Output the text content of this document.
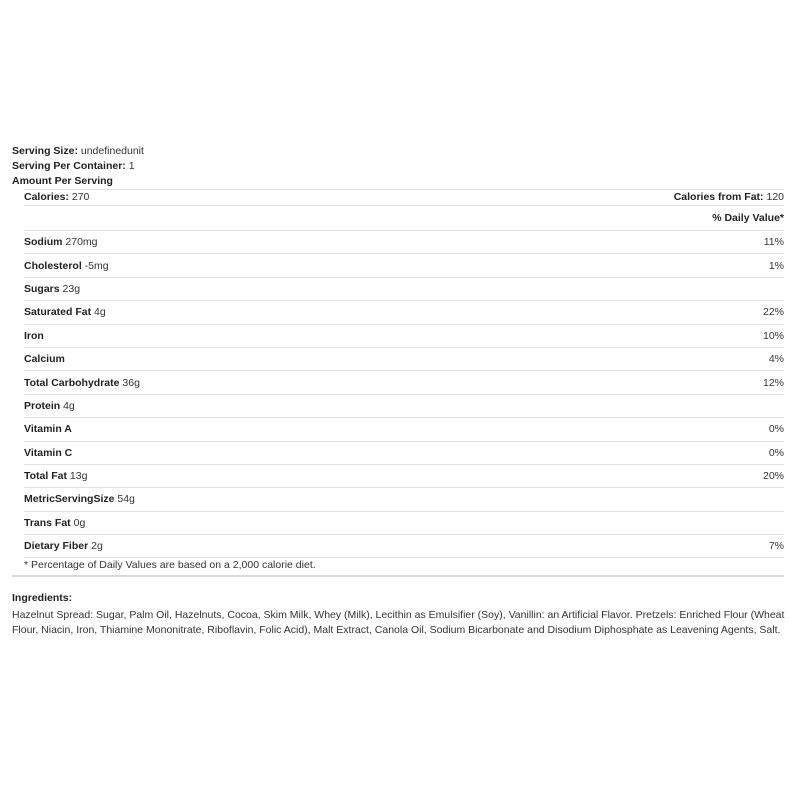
Serving Size: undefinedunit
Serving Per Container: 1
Amount Per Serving
Calories: 270	Calories from Fat: 120
% Daily Value*
Sodium 270mg	11%
Cholesterol -5mg	1%
Sugars 23g
Saturated Fat 4g	22%
Iron	10%
Calcium	4%
Total Carbohydrate 36g	12%
Protein 4g
Vitamin A	0%
Vitamin C	0%
Total Fat 13g	20%
MetricServingSize 54g
Trans Fat 0g
Dietary Fiber 2g	7%
* Percentage of Daily Values are based on a 2,000 calorie diet.
Ingredients:
Hazelnut Spread: Sugar, Palm Oil, Hazelnuts, Cocoa, Skim Milk, Whey (Milk), Lecithin as Emulsifier (Soy), Vanillin: an Artificial Flavor. Pretzels: Enriched Flour (Wheat Flour, Niacin, Iron, Thiamine Mononitrate, Riboflavin, Folic Acid), Malt Extract, Canola Oil, Sodium Bicarbonate and Disodium Diphosphate as Leavening Agents, Salt.
